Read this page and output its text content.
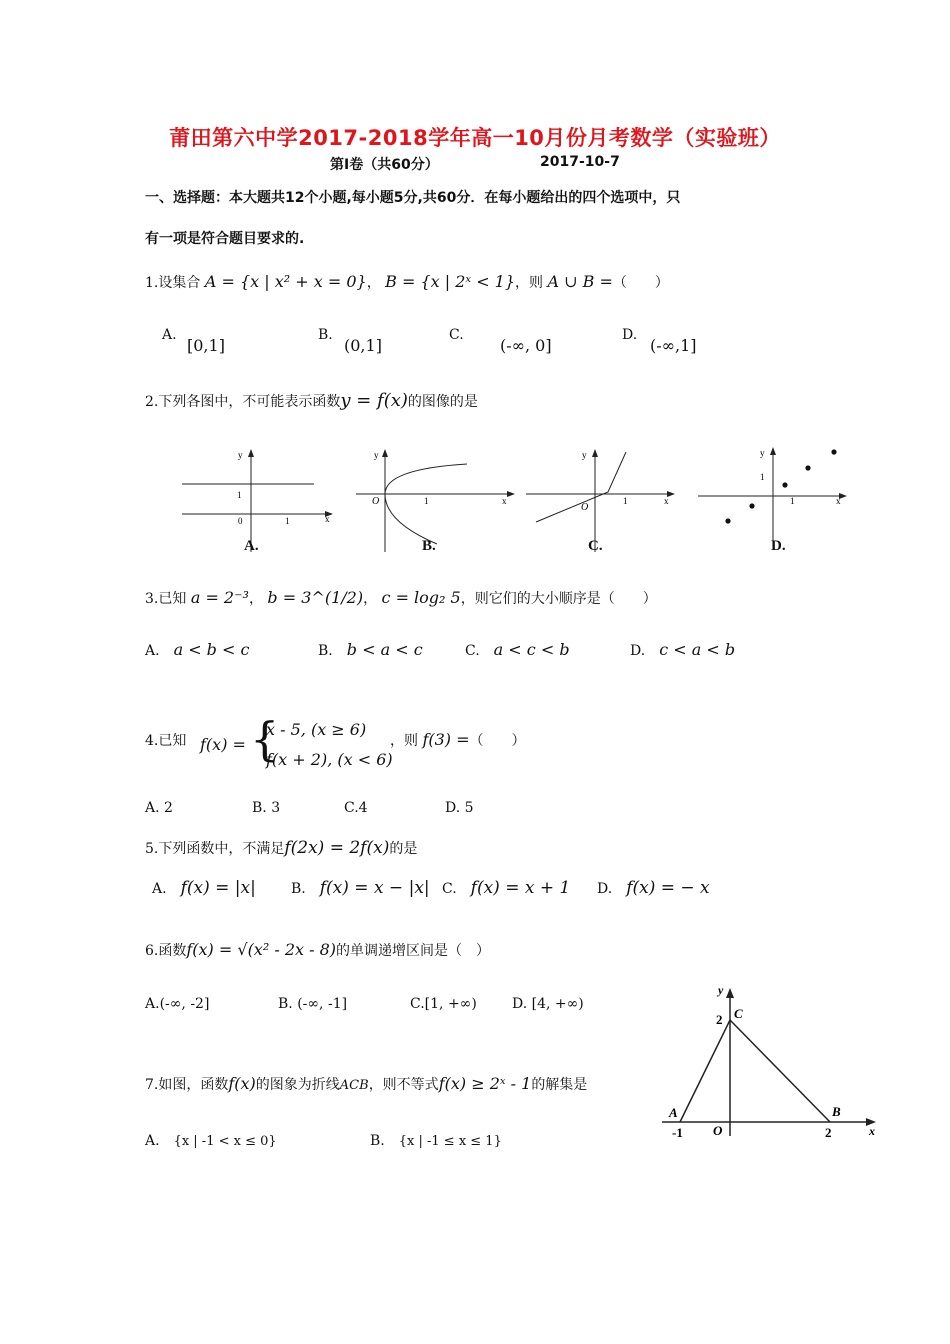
莆田第六中学2017-2018学年高一10月份月考数学（实验班）
第Ⅰ卷（共60分）	2017-10-7
一、选择题：本大题共12个小题,每小题5分,共60分．在每小题给出的四个选项中，只
有一项是符合题目要求的.
1.设集合 A = {x | x² + x = 0}， B = {x | 2ˣ < 1}，则 A ∪ B =（　　）
A.
[0,1]
B.
(0,1]
C.
(-∞, 0]
D.
(-∞,1]
2.下列各图中，不可能表示函数y = f(x)的图像的是
y
x
1
0	1
A.
y
x
O	1
B.
y
x
O
1
C.
y
x
1
1
D.
3.已知 a = 2⁻³， b = 3^(1/2)， c = log₂ 5，则它们的大小顺序是（　　）
A.　 a < b < c	B.　 b < a < c	C.　 a < c < b	D.　 c < a < b
4.已知 f(x) = {
x - 5, (x ≥ 6)
f(x + 2), (x < 6)
，则 f(3) =（　　）
A. 2	B. 3	C.4	D. 5
5.下列函数中，不满足f(2x) = 2f(x)的是
A.　 f(x) = |x|	B.　 f(x) = x − |x| C.　 f(x) = x + 1 D.　 f(x) = − x
6.函数f(x) = √(x² - 2x - 8)的单调递增区间是（　）
A.(-∞, -2]	B. (-∞, -1]	C.[1, +∞)	D. [4, +∞)
7.如图，函数f(x)的图象为折线ACB，则不等式f(x) ≥ 2ˣ - 1的解集是
A.　 {x | -1 < x ≤ 0}	B.　 {x | -1 ≤ x ≤ 1}
y
x
2 C
A	B
-1 O	2
